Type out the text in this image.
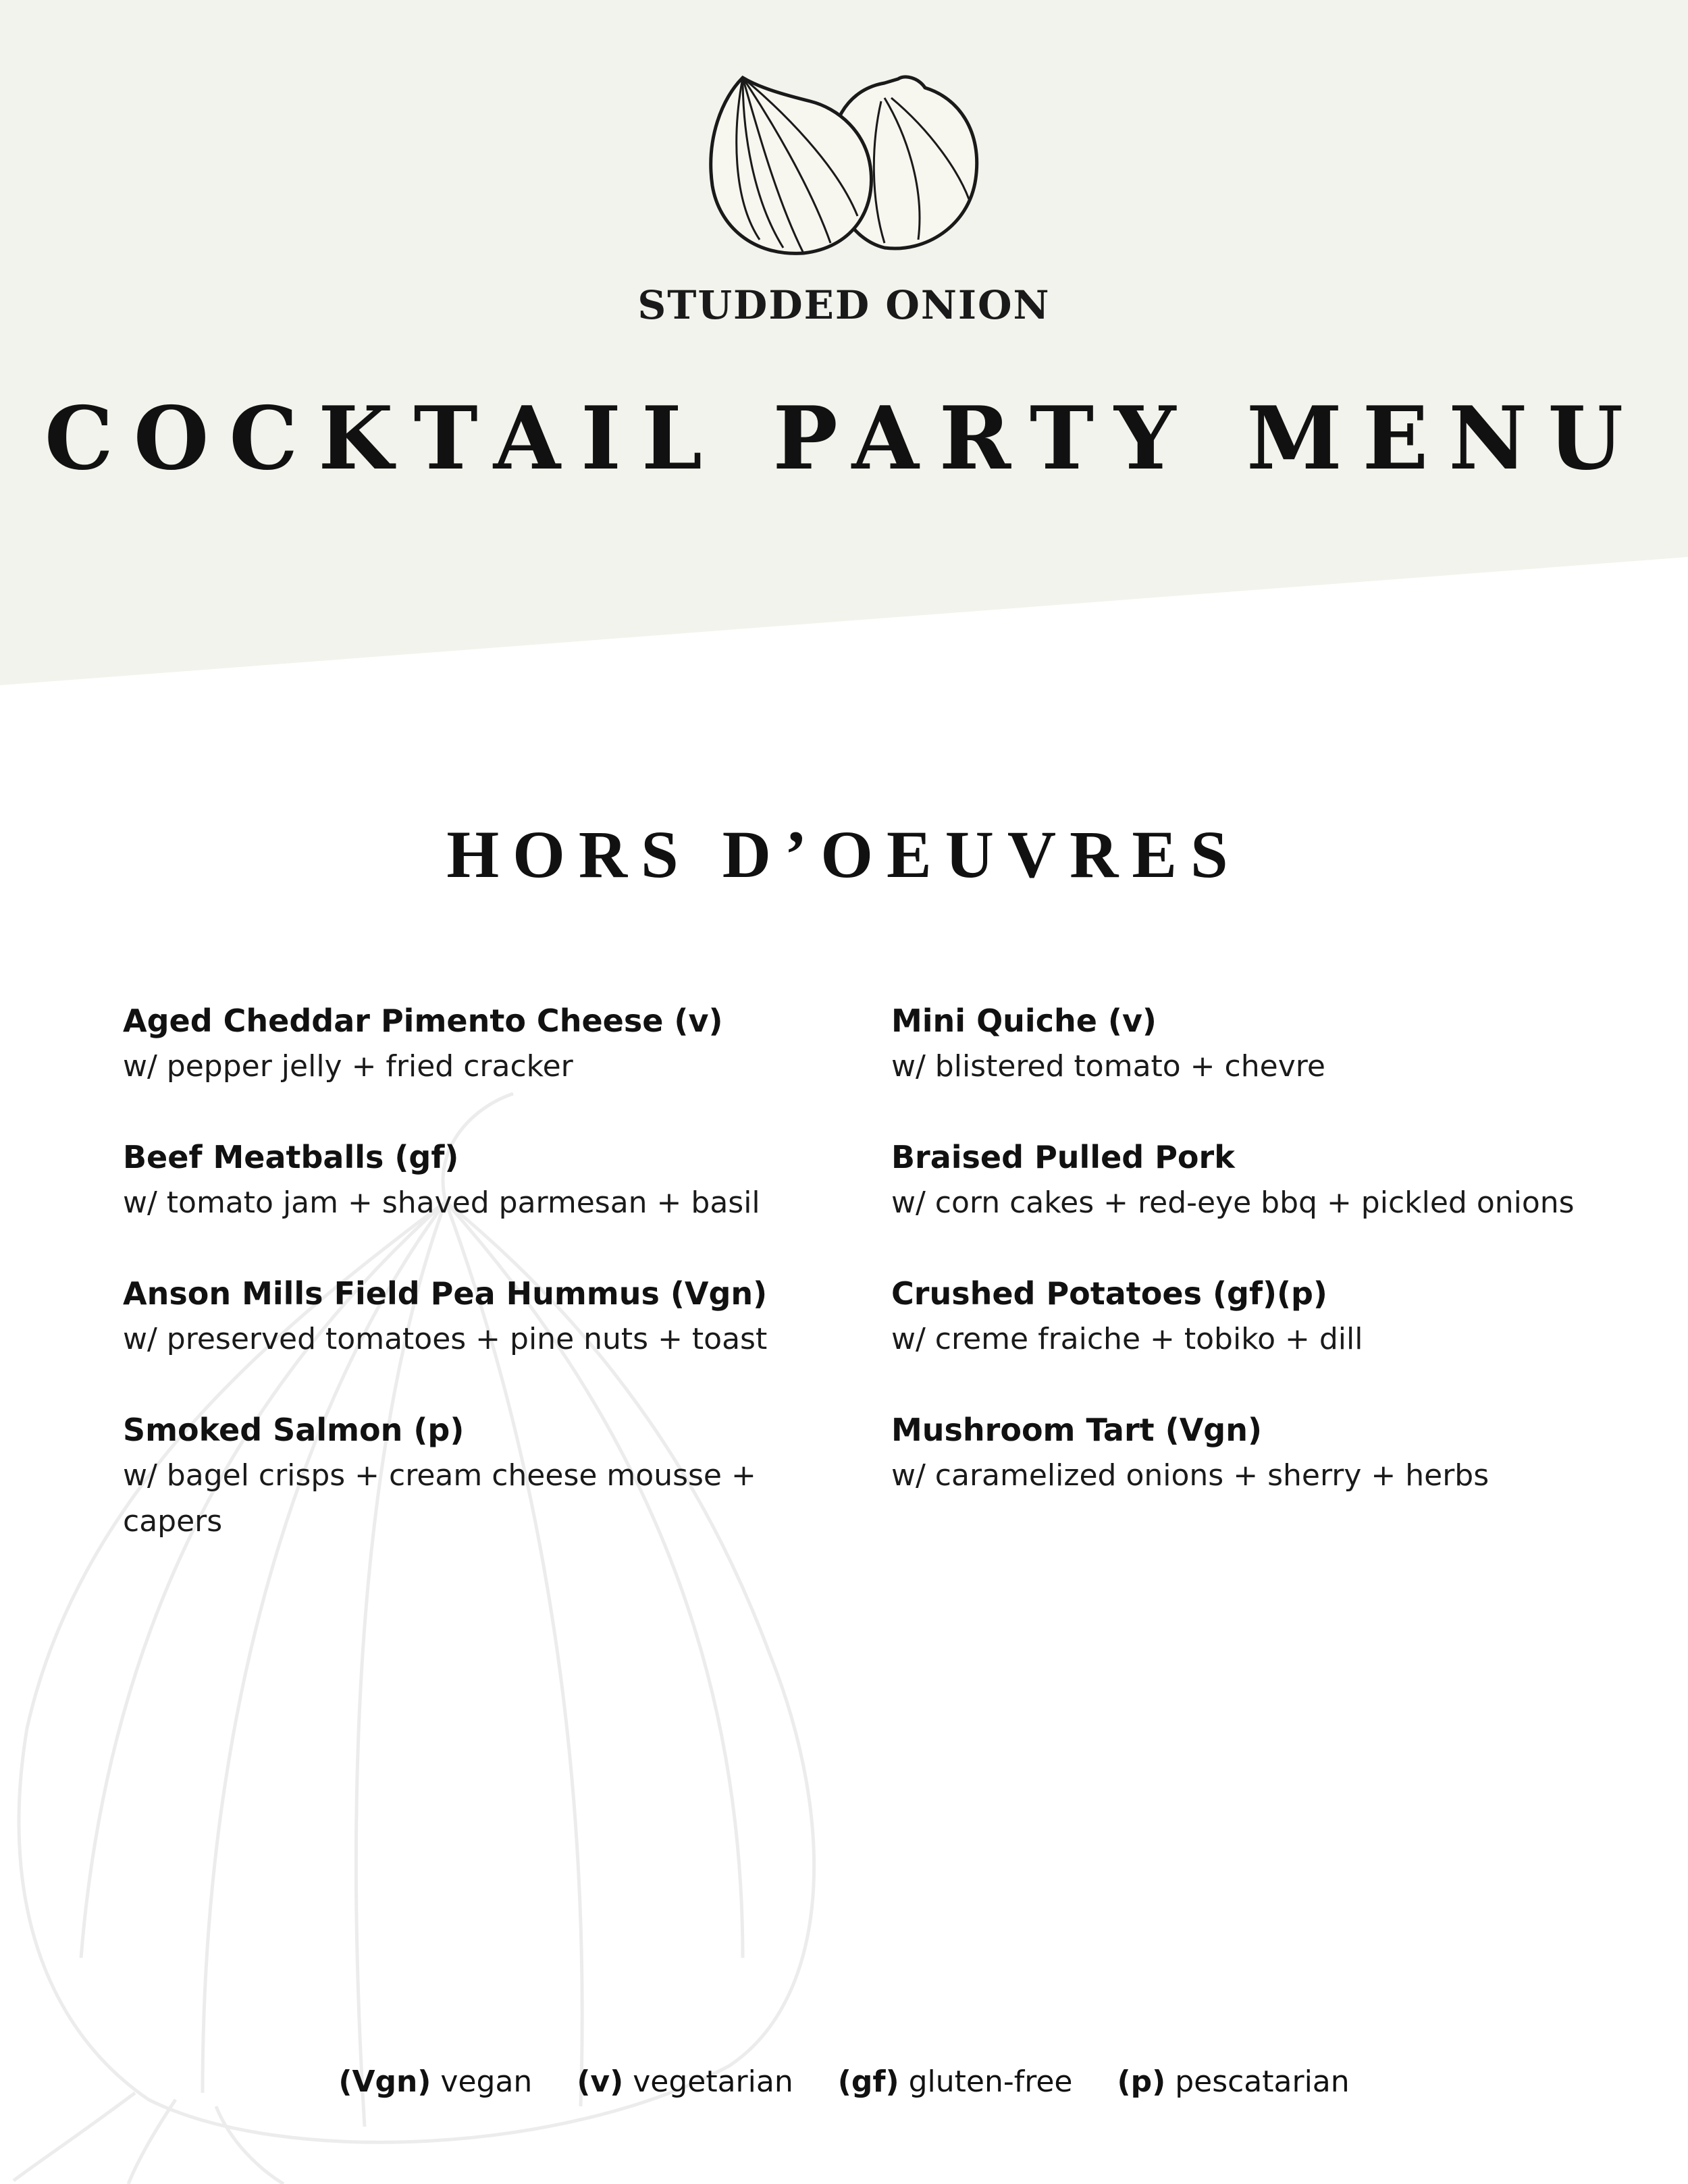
STUDDED ONION
COCKTAIL PARTY MENU
HORS D’OEUVRES

Aged Cheddar Pimento Cheese (v)

w/ pepper jelly + fried cracker

Beef Meatballs (gf)

w/ tomato jam + shaved parmesan + basil

Anson Mills Field Pea Hummus (Vgn)

w/ preserved tomatoes + pine nuts + toast

Smoked Salmon (p)

w/ bagel crisps + cream cheese mousse + capers

Mini Quiche (v)

w/ blistered tomato + chevre

Braised Pulled Pork

w/ corn cakes + red-eye bbq + pickled onions

Crushed Potatoes (gf)(p)

w/ creme fraiche + tobiko + dill

Mushroom Tart (Vgn)

w/ caramelized onions + sherry + herbs

(Vgn) vegan (v) vegetarian (gf) gluten-free (p) pescatarian
